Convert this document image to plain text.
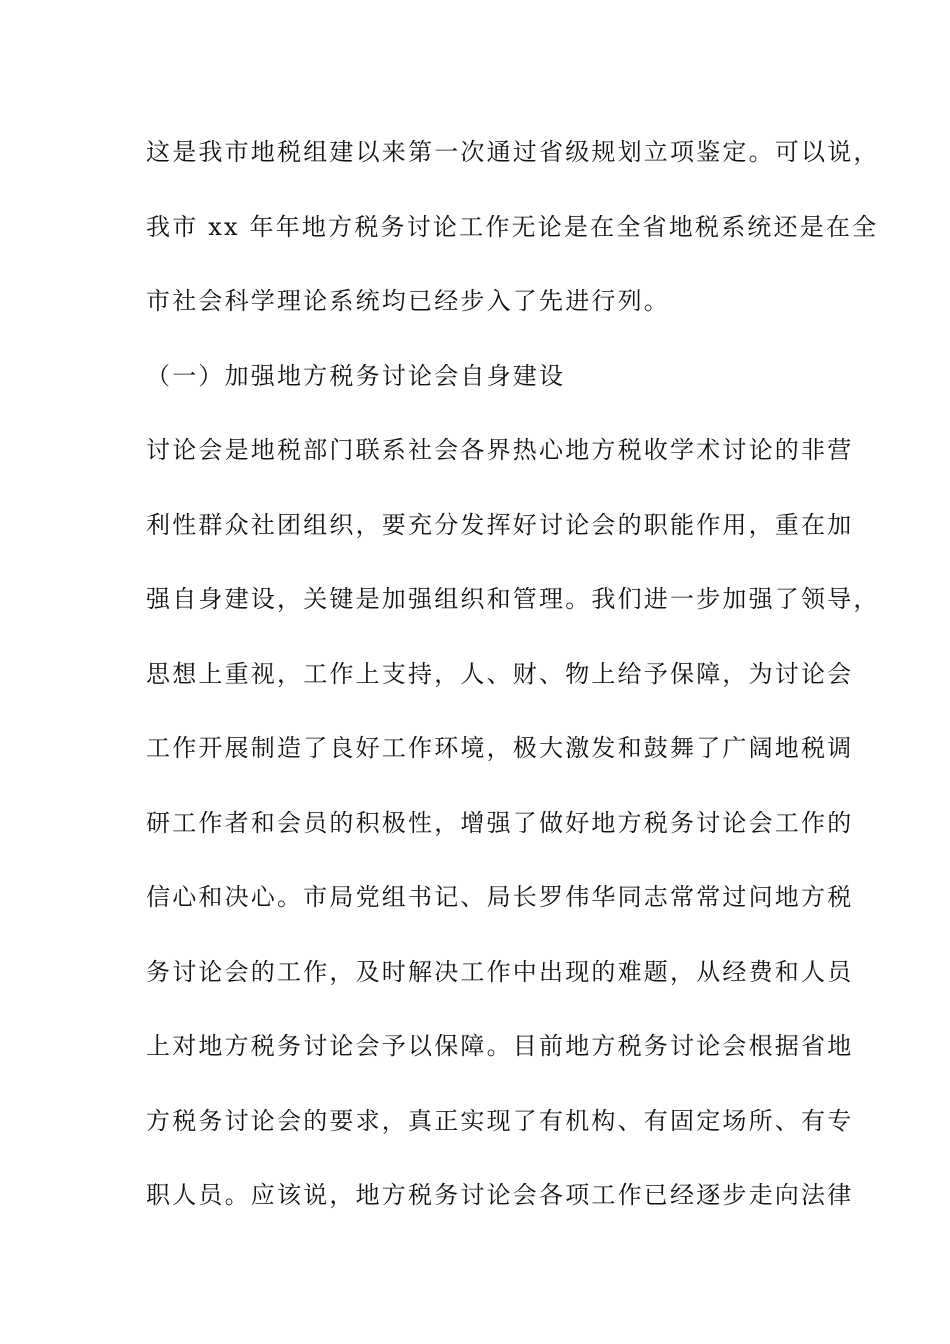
这是我市地税组建以来第一次通过省级规划立项鉴定。可以说，
我市 xx 年年地方税务讨论工作无论是在全省地税系统还是在全
市社会科学理论系统均已经步入了先进行列。
（一）加强地方税务讨论会自身建设
讨论会是地税部门联系社会各界热心地方税收学术讨论的非营
利性群众社团组织，要充分发挥好讨论会的职能作用，重在加
强自身建设，关键是加强组织和管理。我们进一步加强了领导，
思想上重视，工作上支持，人、财、物上给予保障，为讨论会
工作开展制造了良好工作环境，极大激发和鼓舞了广阔地税调
研工作者和会员的积极性，增强了做好地方税务讨论会工作的
信心和决心。市局党组书记、局长罗伟华同志常常过问地方税
务讨论会的工作，及时解决工作中出现的难题，从经费和人员
上对地方税务讨论会予以保障。目前地方税务讨论会根据省地
方税务讨论会的要求，真正实现了有机构、有固定场所、有专
职人员。应该说，地方税务讨论会各项工作已经逐步走向法律
